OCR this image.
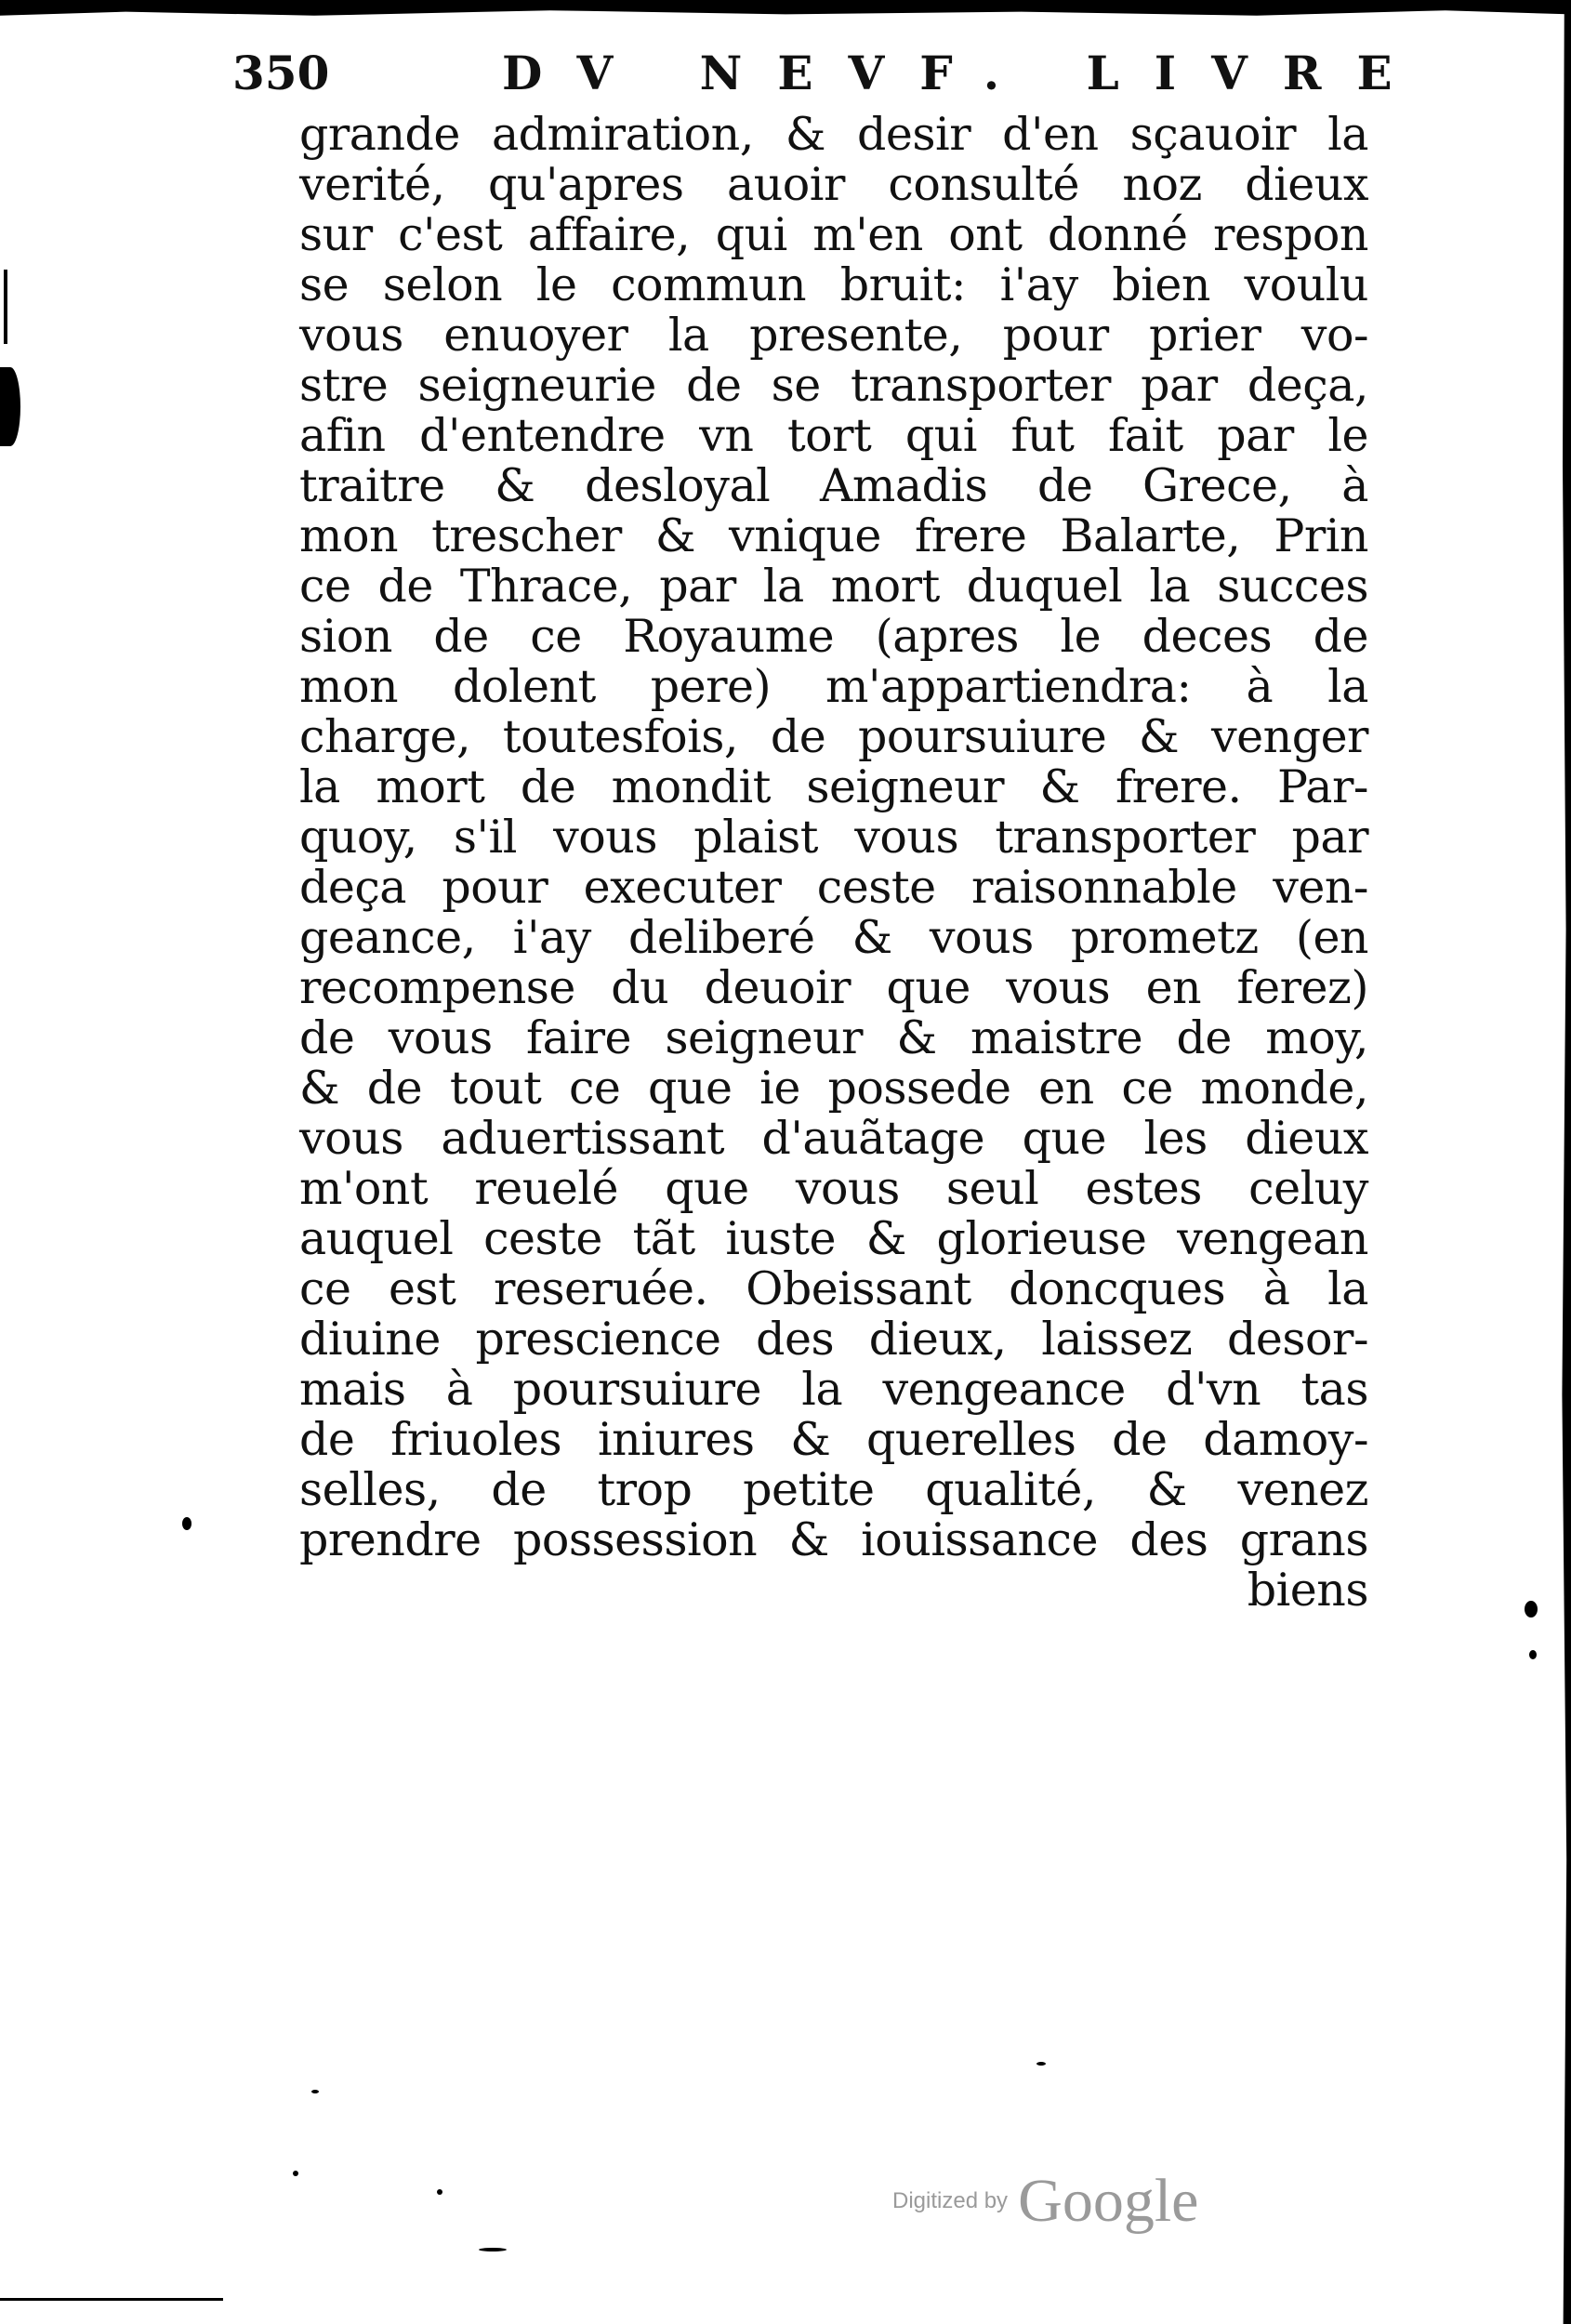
350	DV NEVF. LIVRE
grande admiration, & desir d'en sçauoir la
verité, qu'apres auoir consulté noz dieux
sur c'est affaire, qui m'en ont donné respon
se selon le commun bruit: i'ay bien voulu
vous enuoyer la presente, pour prier vo-
stre seigneurie de se transporter par deça,
afin d'entendre vn tort qui fut fait par le
traitre & desloyal Amadis de Grece, à
mon trescher & vnique frere Balarte, Prin
ce de Thrace, par la mort duquel la succes
sion de ce Royaume (apres le deces de
mon dolent pere) m'appartiendra: à la
charge, toutesfois, de poursuiure & venger
la mort de mondit seigneur & frere. Par-
quoy, s'il vous plaist vous transporter par
deça pour executer ceste raisonnable ven-
geance, i'ay deliberé & vous prometz (en
recompense du deuoir que vous en ferez)
de vous faire seigneur & maistre de moy,
& de tout ce que ie possede en ce monde,
vous aduertissant d'auãtage que les dieux
m'ont reuelé que vous seul estes celuy
auquel ceste tãt iuste & glorieuse vengean
ce est reseruée. Obeissant doncques à la
diuine prescience des dieux, laissez desor-
mais à poursuiure la vengeance d'vn tas
de friuoles iniures & querelles de damoy-
selles, de trop petite qualité, & venez
prendre possession & iouissance des grans
biens
Digitized by Google
